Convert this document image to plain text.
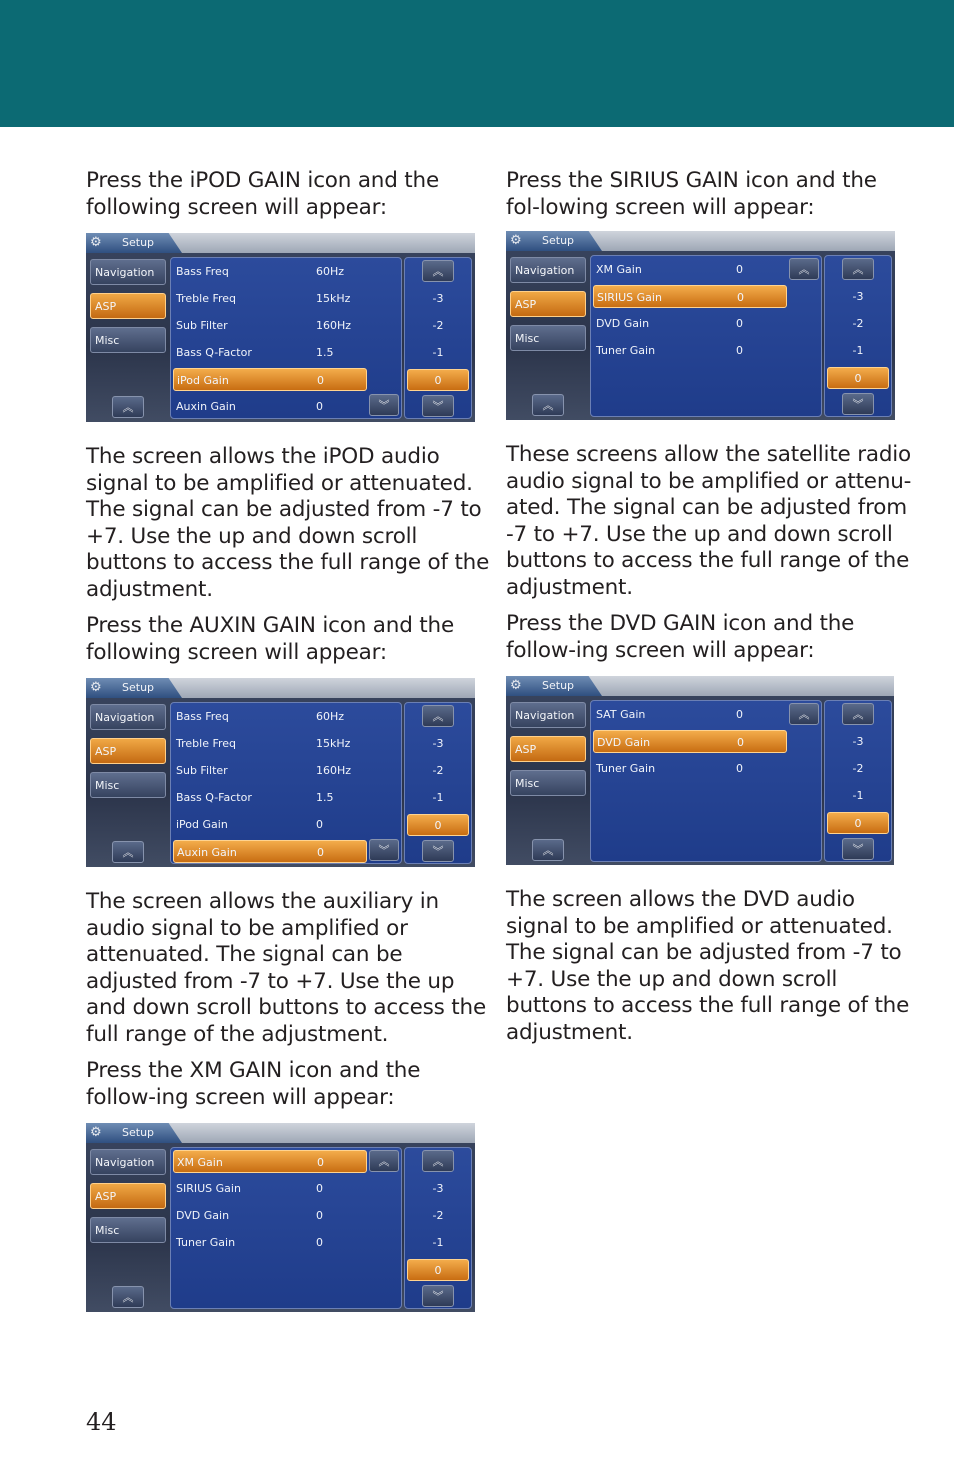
Press the iPOD GAIN icon and the following screen will appear:

⚙ Setup
Navigation
ASP
Misc
︽
Bass Freq	60Hz
Treble Freq	15kHz
Sub Filter	160Hz
Bass Q-Factor	1.5
iPod Gain	0
Auxin Gain	0	︾
︽
-3
-2
-1
0
︾

The screen allows the iPOD audio signal to be amplified or attenuated. The signal can be adjusted from -7 to +7. Use the up and down scroll buttons to access the full range of the adjustment.

Press the AUXIN GAIN icon and the following screen will appear:

⚙ Setup
Navigation
ASP
Misc
︽
Bass Freq	60Hz
Treble Freq	15kHz
Sub Filter	160Hz
Bass Q-Factor	1.5
iPod Gain	0
Auxin Gain	0	︾
︽
-3
-2
-1
0
︾

The screen allows the auxiliary in audio signal to be amplified or attenuated. The signal can be adjusted from -7 to +7. Use the up and down scroll buttons to access the full range of the adjustment.

Press the XM GAIN icon and the follow-ing screen will appear:

⚙ Setup
Navigation
ASP
Misc
︽
XM Gain	0
SIRIUS Gain	0
DVD Gain	0
Tuner Gain	0
︽	︽
-3
-2
-1
0
︾

Press the SIRIUS GAIN icon and the fol-lowing screen will appear:

⚙ Setup
Navigation
ASP
Misc
︽
XM Gain	0
SIRIUS Gain	0
DVD Gain	0
Tuner Gain	0
︽	︽
-3
-2
-1
0
︾

These screens allow the satellite radio audio signal to be amplified or attenu-ated. The signal can be adjusted from -7 to +7. Use the up and down scroll buttons to access the full range of the adjustment.

Press the DVD GAIN icon and the follow-ing screen will appear:

⚙ Setup
Navigation
ASP
Misc
︽
SAT Gain	0
DVD Gain	0
Tuner Gain	0
︽	︽
-3
-2
-1
0
︾

The screen allows the DVD audio signal to be amplified or attenuated. The signal can be adjusted from -7 to +7. Use the up and down scroll buttons to access the full range of the adjustment.

44
